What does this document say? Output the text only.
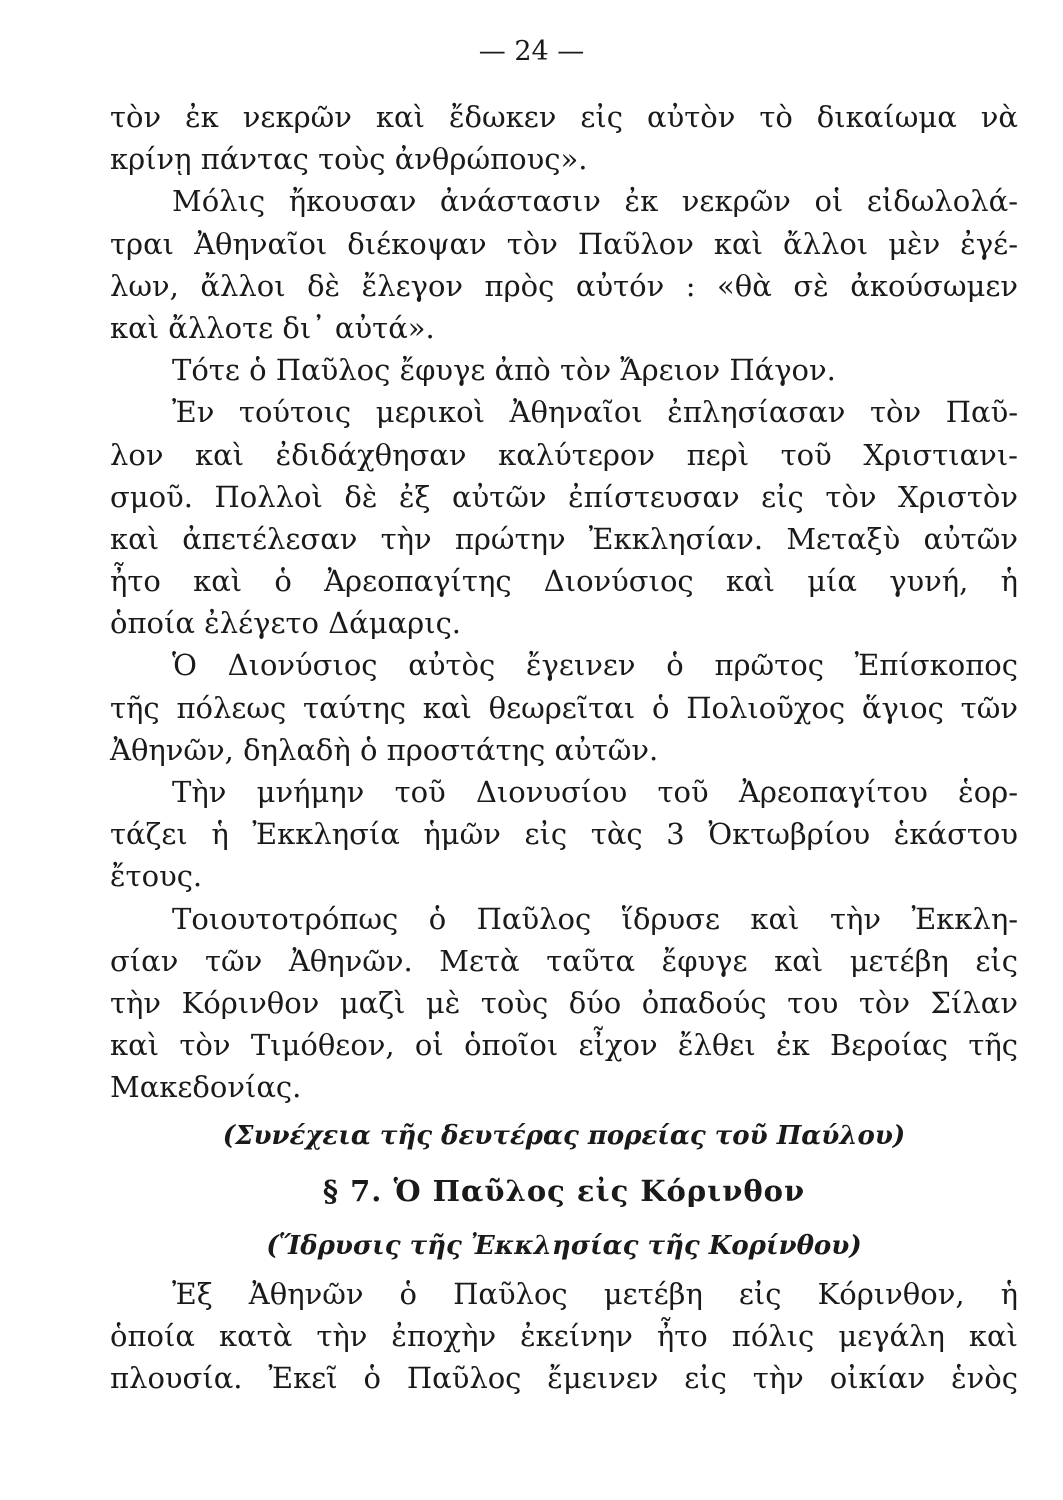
— 24 —
τὸν ἐκ νεκρῶν καὶ ἔδωκεν εἰς αὐτὸν τὸ δικαίωμα νὰ
κρίνῃ πάντας τοὺς ἀνθρώπους».
Μόλις ἤκουσαν ἀνάστασιν ἐκ νεκρῶν οἱ εἰδωλολά-
τραι Ἀθηναῖοι διέκοψαν τὸν Παῦλον καὶ ἄλλοι μὲν ἐγέ-
λων, ἄλλοι δὲ ἔλεγον πρὸς αὐτόν : «θὰ σὲ ἀκούσωμεν
καὶ ἄλλοτε δι᾽ αὐτά».
Τότε ὁ Παῦλος ἔφυγε ἀπὸ τὸν Ἄρειον Πάγον.
Ἐν τούτοις μερικοὶ Ἀθηναῖοι ἐπλησίασαν τὸν Παῦ-
λον καὶ ἐδιδάχθησαν καλύτερον περὶ τοῦ Χριστιανι-
σμοῦ. Πολλοὶ δὲ ἐξ αὐτῶν ἐπίστευσαν εἰς τὸν Χριστὸν
καὶ ἀπετέλεσαν τὴν πρώτην Ἐκκλησίαν. Μεταξὺ αὐτῶν
ἦτο καὶ ὁ Ἀρεοπαγίτης Διονύσιος καὶ μία γυνή, ἡ
ὁποία ἐλέγετο Δάμαρις.
Ὁ Διονύσιος αὐτὸς ἔγεινεν ὁ πρῶτος Ἐπίσκοπος
τῆς πόλεως ταύτης καὶ θεωρεῖται ὁ Πολιοῦχος ἅγιος τῶν
Ἀθηνῶν, δηλαδὴ ὁ προστάτης αὐτῶν.
Τὴν μνήμην τοῦ Διονυσίου τοῦ Ἀρεοπαγίτου ἑορ-
τάζει ἡ Ἐκκλησία ἡμῶν εἰς τὰς 3 Ὀκτωβρίου ἑκάστου
ἔτους.
Τοιουτοτρόπως ὁ Παῦλος ἵδρυσε καὶ τὴν Ἐκκλη-
σίαν τῶν Ἀθηνῶν. Μετὰ ταῦτα ἔφυγε καὶ μετέβη εἰς
τὴν Κόρινθον μαζὶ μὲ τοὺς δύο ὀπαδούς του τὸν Σίλαν
καὶ τὸν Τιμόθεον, οἱ ὁποῖοι εἶχον ἔλθει ἐκ Βεροίας τῆς
Μακεδονίας.
(Συνέχεια τῆς δευτέρας πορείας τοῦ Παύλου)
§ 7. Ὁ Παῦλος εἰς Κόρινθον
(Ἵδρυσις τῆς Ἐκκλησίας τῆς Κορίνθου)
Ἐξ Ἀθηνῶν ὁ Παῦλος μετέβη εἰς Κόρινθον, ἡ
ὁποία κατὰ τὴν ἐποχὴν ἐκείνην ἦτο πόλις μεγάλη καὶ
πλουσία. Ἐκεῖ ὁ Παῦλος ἔμεινεν εἰς τὴν οἰκίαν ἑνὸς
